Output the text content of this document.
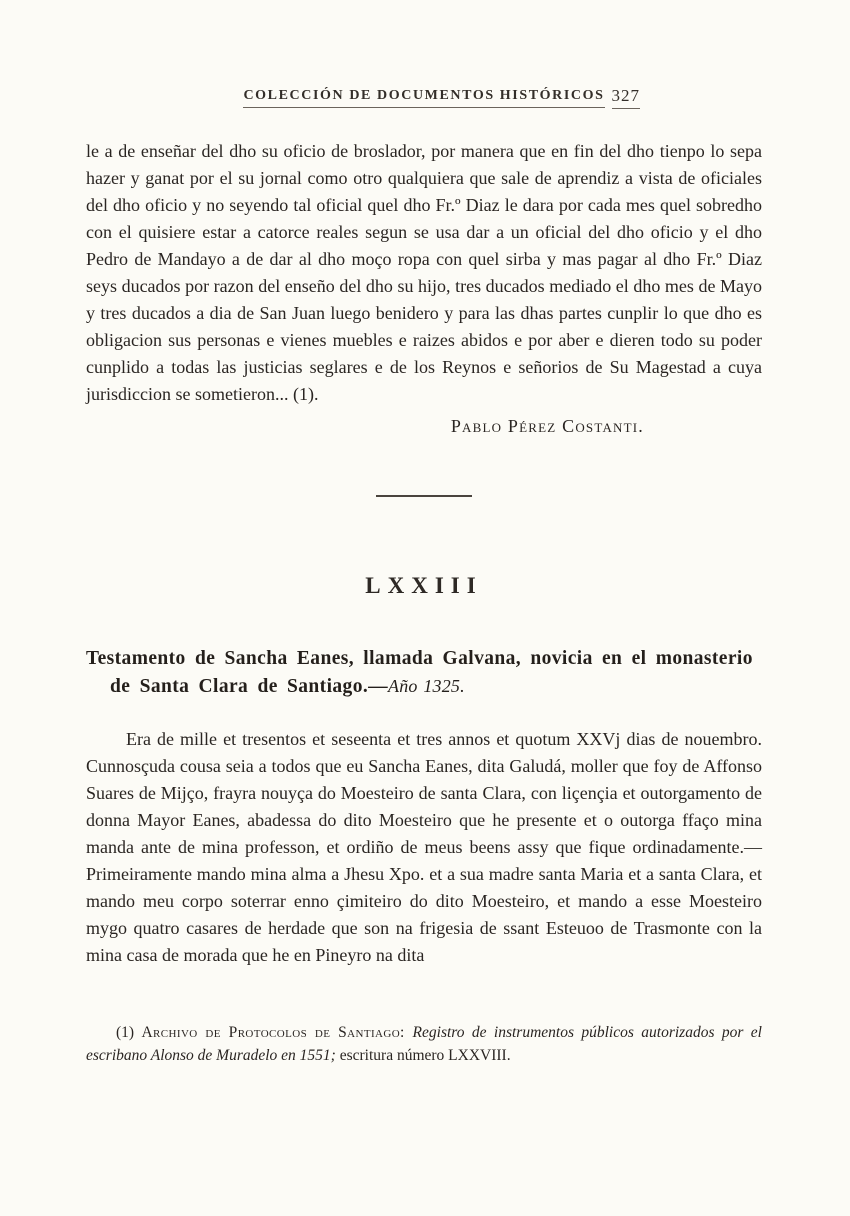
COLECCIÓN DE DOCUMENTOS HISTÓRICOS 327

le a de enseñar del dho su oficio de broslador, por manera que en fin del dho tienpo lo sepa hazer y ganat por el su jornal como otro qualquiera que sale de aprendiz a vista de oficiales del dho oficio y no seyendo tal oficial quel dho Fr.º Diaz le dara por cada mes quel sobredho con el quisiere estar a catorce reales segun se usa dar a un oficial del dho oficio y el dho Pedro de Mandayo a de dar al dho moço ropa con quel sirba y mas pagar al dho Fr.º Diaz seys ducados por razon del enseño del dho su hijo, tres ducados mediado el dho mes de Mayo y tres ducados a dia de San Juan luego benidero y para las dhas partes cunplir lo que dho es obligacion sus personas e vienes muebles e raizes abidos e por aber e dieren todo su poder cunplido a todas las justicias seglares e de los Reynos e señorios de Su Magestad a cuya jurisdiccion se sometieron... (1).

Pablo Pérez Costanti.

LXXIII

Testamento de Sancha Eanes, llamada Galvana, novicia en el monasterio de Santa Clara de Santiago.—Año 1325.

Era de mille et tresentos et seseenta et tres annos et quotum XXVj dias de nouembro. Cunnosçuda cousa seia a todos que eu Sancha Eanes, dita Galudá, moller que foy de Affonso Suares de Mijço, frayra nouyça do Moesteiro de santa Clara, con liçençia et outorgamento de donna Mayor Eanes, abadessa do dito Moesteiro que he presente et o outorga ffaço mina manda ante de mina professon, et ordiño de meus beens assy que fique ordinadamente.—Primeiramente mando mina alma a Jhesu Xpo. et a sua madre santa Maria et a santa Clara, et mando meu corpo soterrar enno çimiteiro do dito Moesteiro, et mando a esse Moesteiro mygo quatro casares de herdade que son na frigesia de ssant Esteuoo de Trasmonte con la mina casa de morada que he en Pineyro na dita

(1) Archivo de Protocolos de Santiago: Registro de instrumentos públicos autorizados por el escribano Alonso de Muradelo en 1551; escritura número LXXVIII.
